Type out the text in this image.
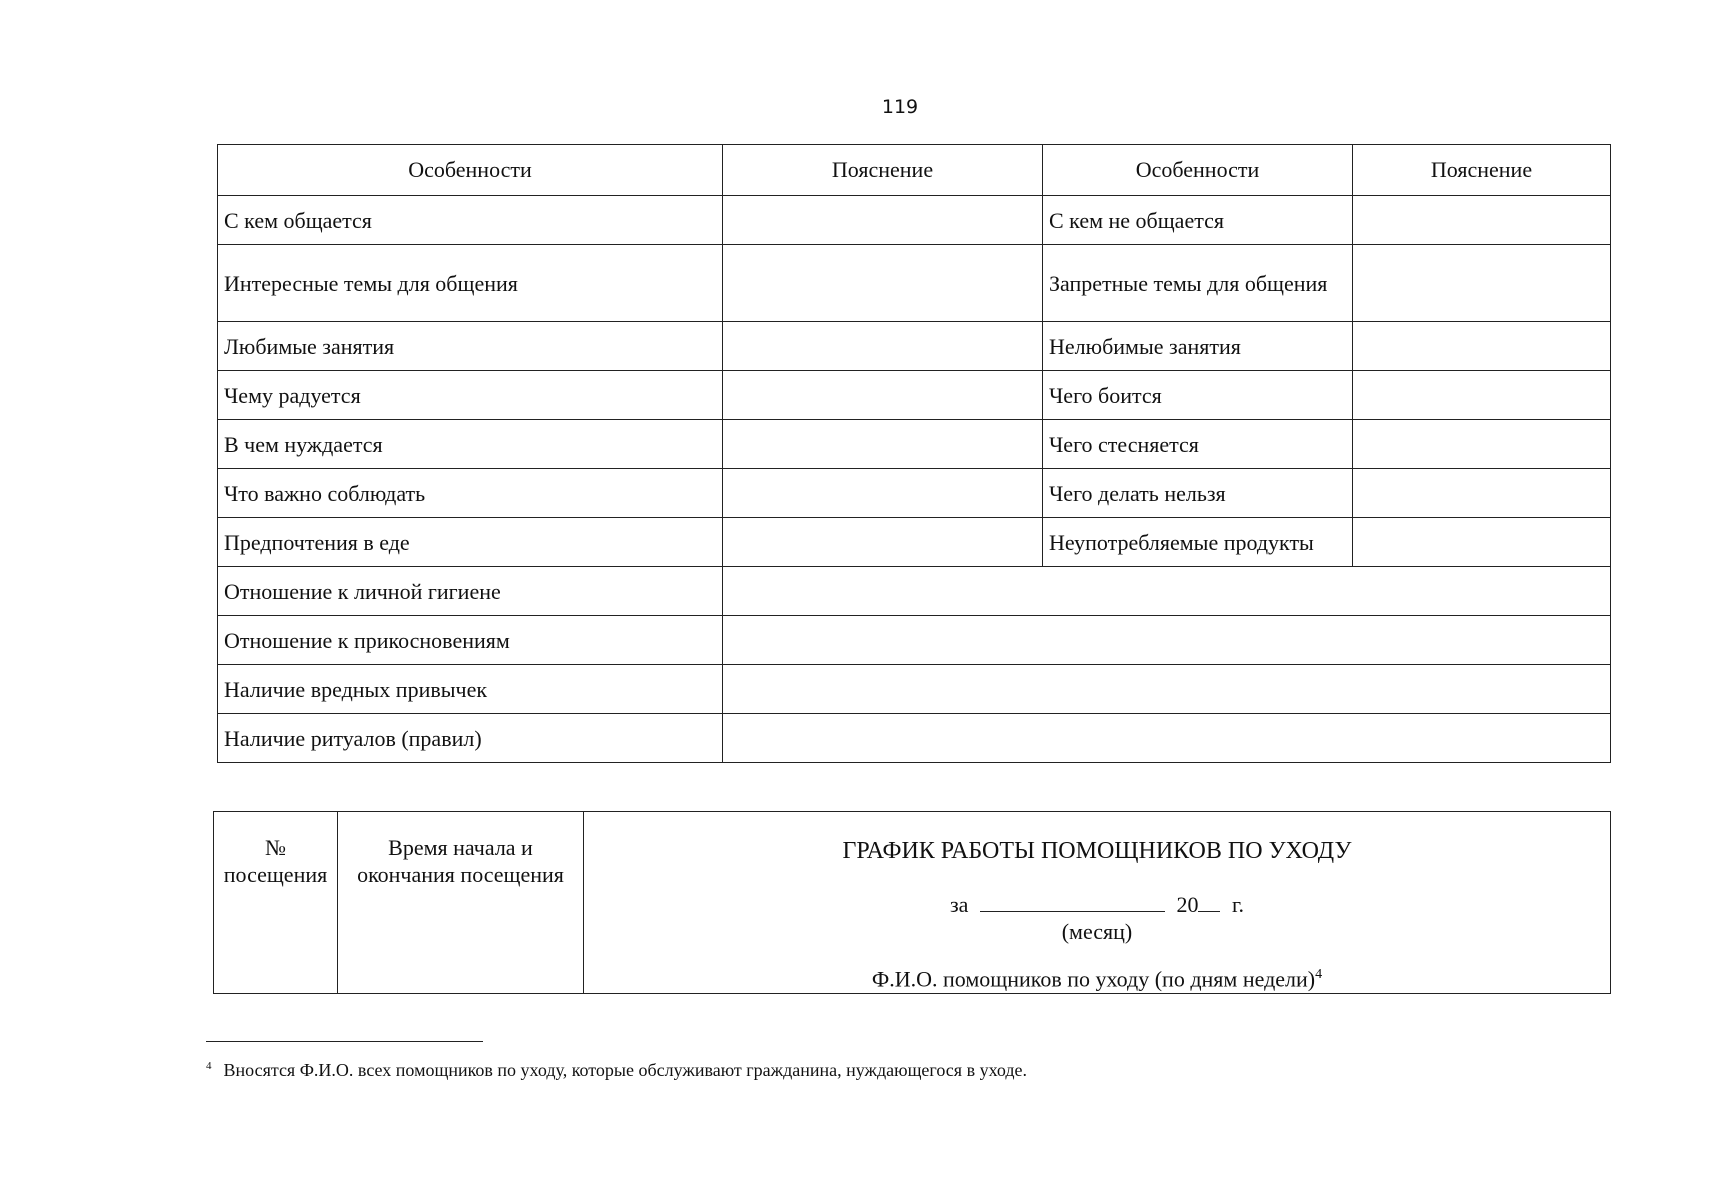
119
Особенности	Пояснение	Особенности	Пояснение
С кем общается		С кем не общается	
Интересные темы для общения		Запретные темы для общения	
Любимые занятия		Нелюбимые занятия	
Чему радуется		Чего боится	
В чем нуждается		Чего стесняется	
Что важно соблюдать		Чего делать нельзя	
Предпочтения в еде		Неупотребляемые продукты	
Отношение к личной гигиене			
Отношение к прикосновениям			
Наличие вредных привычек			
Наличие ритуалов (правил)			
№ посещения	Время начала и окончания посещения	
ГРАФИК РАБОТЫ ПОМОЩНИКОВ ПО УХОДУ
за	20 г.
(месяц)
Ф.И.О. помощников по уходу (по дням недели)$^4$
$^4$ Вносятся Ф.И.О. всех помощников по уходу, которые обслуживают гражданина, нуждающегося в уходе.
